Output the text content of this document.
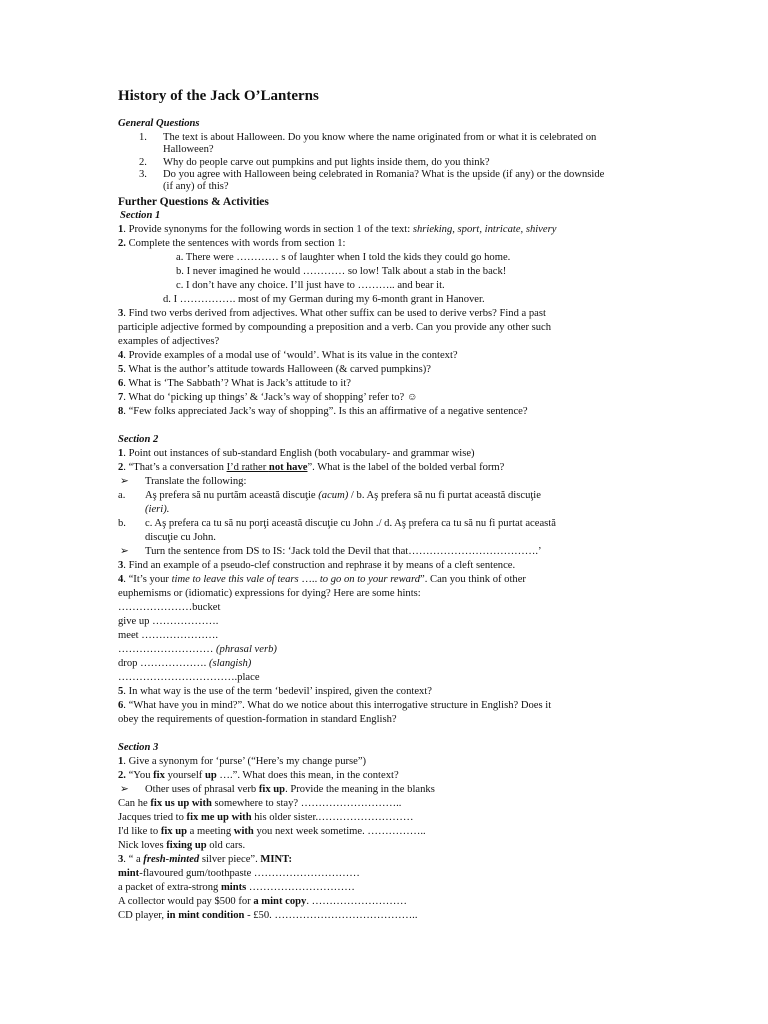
History of the Jack O’Lanterns
General Questions
1. The text is about Halloween. Do you know where the name originated from or what it is celebrated on
Halloween?
2. Why do people carve out pumpkins and put lights inside them, do you think?
3. Do you agree with Halloween being celebrated in Romania? What is the upside (if any) or the downside
(if any) of this?
Further Questions & Activities
Section 1
1. Provide synonyms for the following words in section 1 of the text: shrieking, sport, intricate, shivery
2. Complete the sentences with words from section 1:
a. There were ………… s of laughter when I told the kids they could go home.
b. I never imagined he would ………… so low! Talk about a stab in the back!
c. I don’t have any choice. I’ll just have to ……….. and bear it.
d. I ……………. most of my German during my 6-month grant in Hanover.
3. Find two verbs derived from adjectives. What other suffix can be used to derive verbs? Find a past
participle adjective formed by compounding a preposition and a verb. Can you provide any other such
examples of adjectives?
4. Provide examples of a modal use of ‘would’. What is its value in the context?
5. What is the author’s attitude towards Halloween (& carved pumpkins)?
6. What is ‘The Sabbath’? What is Jack’s attitude to it?
7. What do ‘picking up things’ & ‘Jack’s way of shopping’ refer to? ☺
8. “Few folks appreciated Jack’s way of shopping”. Is this an affirmative of a negative sentence?
Section 2
1. Point out instances of sub-standard English (both vocabulary- and grammar wise)
2. “That’s a conversation I’d rather not have”. What is the label of the bolded verbal form?
➢ Translate the following:
a. Aş prefera să nu purtăm această discuţie (acum) / b. Aş prefera să nu fi purtat această discuţie
(ieri).
b. c. Aş prefera ca tu să nu porţi această discuţie cu John ./ d. Aş prefera ca tu să nu fi purtat această
discuţie cu John.
➢ Turn the sentence from DS to IS: ‘Jack told the Devil that that……………………………….’
3. Find an example of a pseudo-clef construction and rephrase it by means of a cleft sentence.
4. “It’s your time to leave this vale of tears ….. to go on to your reward”. Can you think of other
euphemisms or (idiomatic) expressions for dying? Here are some hints:
…………………bucket
give up ……………….
meet ………………….
……………………… (phrasal verb)
drop ………………. (slangish)
…………………………….place
5. In what way is the use of the term ‘bedevil’ inspired, given the context?
6. “What have you in mind?”. What do we notice about this interrogative structure in English? Does it
obey the requirements of question-formation in standard English?
Section 3
1. Give a synonym for ‘purse’ (“Here’s my change purse”)
2. “You fix yourself up ….”. What does this mean, in the context?
➢ Other uses of phrasal verb fix up. Provide the meaning in the blanks
Can he fix us up with somewhere to stay? ………………………..
Jacques tried to fix me up with his older sister.………………………
I'd like to fix up a meeting with you next week sometime. ……………..
Nick loves fixing up old cars.
3. “ a fresh-minted silver piece”. MINT:
mint-flavoured gum/toothpaste …………………………
a packet of extra-strong mints …………………………
A collector would pay $500 for a mint copy. ………………………
CD player, in mint condition - £50. …………………………………..
